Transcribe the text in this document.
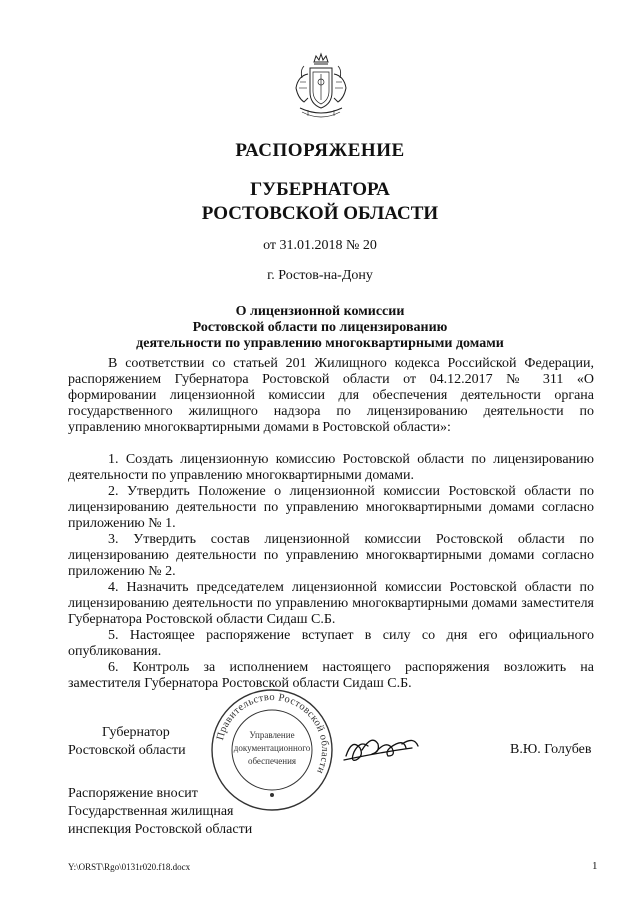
РАСПОРЯЖЕНИЕ
ГУБЕРНАТОРА
РОСТОВСКОЙ ОБЛАСТИ
от 31.01.2018 № 20
г. Ростов-на-Дону
О лицензионной комиссии
Ростовской области по лицензированию
деятельности по управлению многоквартирными домами

В соответствии со статьей 201 Жилищного кодекса Российской Федерации, распоряжением Губернатора Ростовской области от 04.12.2017 № 311 «О формировании лицензионной комиссии для обеспечения деятельности органа государственного жилищного надзора по лицензированию деятельности по управлению многоквартирными домами в Ростовской области»:

1. Создать лицензионную комиссию Ростовской области по лицензированию деятельности по управлению многоквартирными домами.

2. Утвердить Положение о лицензионной комиссии Ростовской области по лицензированию деятельности по управлению многоквартирными домами согласно приложению № 1.

3. Утвердить состав лицензионной комиссии Ростовской области по лицензированию деятельности по управлению многоквартирными домами согласно приложению № 2.

4. Назначить председателем лицензионной комиссии Ростовской области по лицензированию деятельности по управлению многоквартирными домами заместителя Губернатора Ростовской области Сидаш С.Б.

5. Настоящее распоряжение вступает в силу со дня его официального опубликования.

6. Контроль за исполнением настоящего распоряжения возложить на заместителя Губернатора Ростовской области Сидаш С.Б.

Губернатор
Ростовской области
Правительство Ростовской области
Управление
документационного
обеспечения
В.Ю. Голубев
Распоряжение вносит
Государственная жилищная
инспекция Ростовской области
Y:\ORST\Rgo\0131r020.f18.docx	1
